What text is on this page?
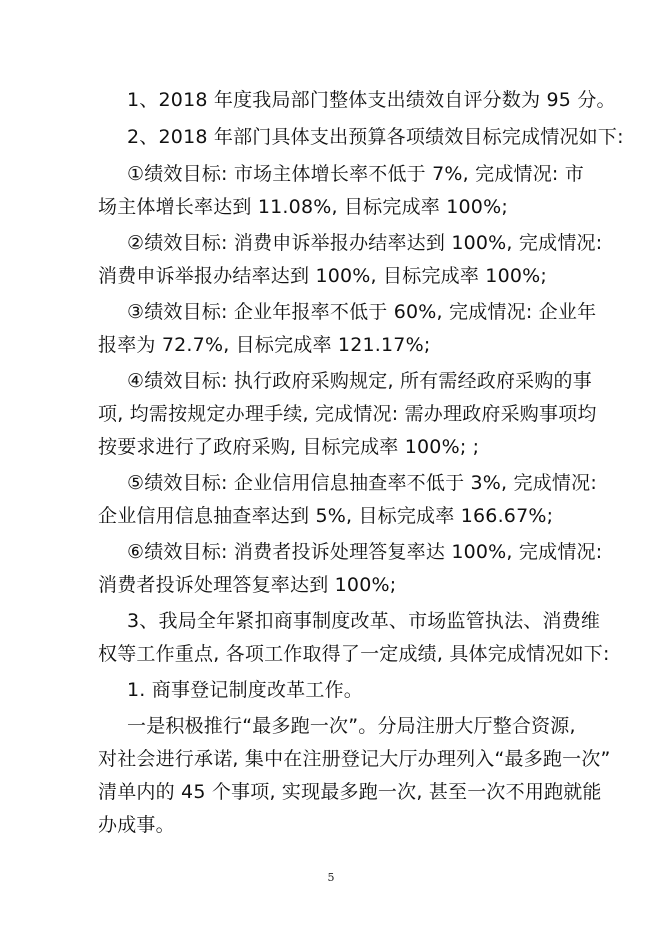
1、2018 年度我局部门整体支出绩效自评分数为 95 分。
2、2018 年部门具体支出预算各项绩效目标完成情况如下:
①绩效目标: 市场主体增长率不低于 7%, 完成情况: 市
场主体增长率达到 11.08%, 目标完成率 100%;
②绩效目标: 消费申诉举报办结率达到 100%, 完成情况:
消费申诉举报办结率达到 100%, 目标完成率 100%;
③绩效目标: 企业年报率不低于 60%, 完成情况: 企业年
报率为 72.7%, 目标完成率 121.17%;
④绩效目标: 执行政府采购规定, 所有需经政府采购的事
项, 均需按规定办理手续, 完成情况: 需办理政府采购事项均
按要求进行了政府采购, 目标完成率 100%; ;
⑤绩效目标: 企业信用信息抽查率不低于 3%, 完成情况:
企业信用信息抽查率达到 5%, 目标完成率 166.67%;
⑥绩效目标: 消费者投诉处理答复率达 100%, 完成情况:
消费者投诉处理答复率达到 100%;
3、我局全年紧扣商事制度改革、市场监管执法、消费维
权等工作重点, 各项工作取得了一定成绩, 具体完成情况如下:
1. 商事登记制度改革工作。
一是积极推行“最多跑一次”。分局注册大厅整合资源,
对社会进行承诺, 集中在注册登记大厅办理列入“最多跑一次”
清单内的 45 个事项, 实现最多跑一次, 甚至一次不用跑就能
办成事。
5
